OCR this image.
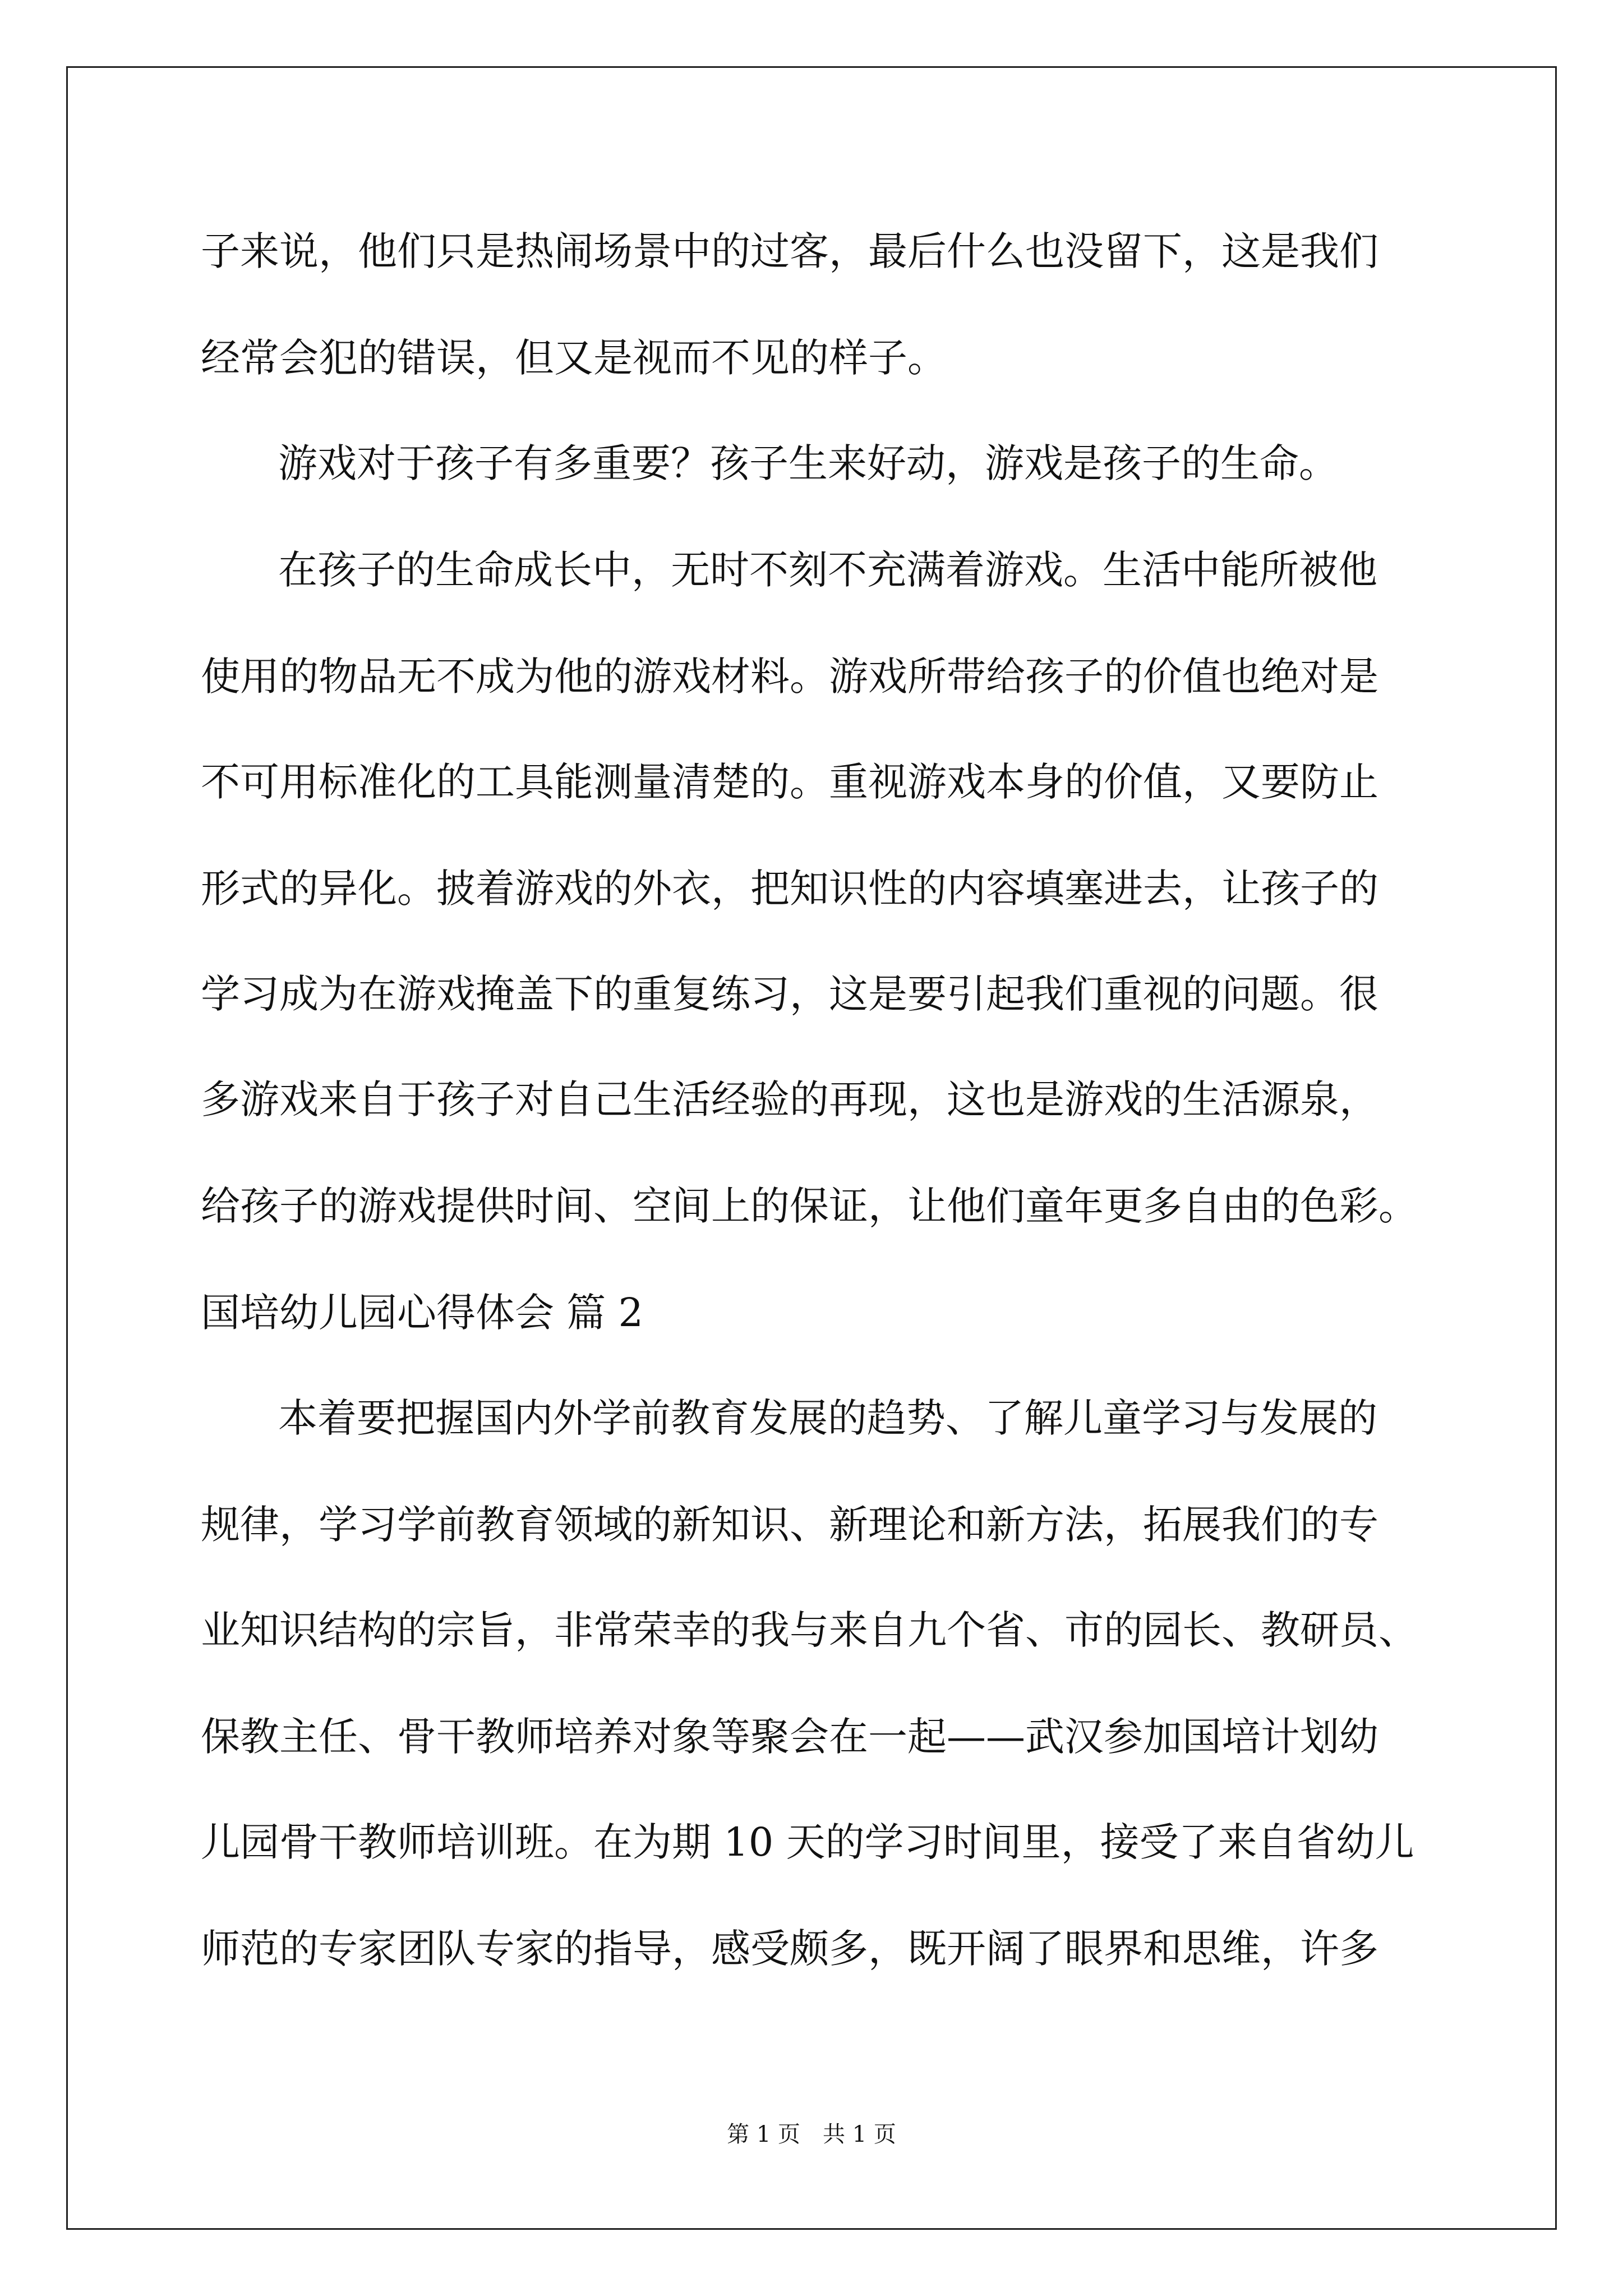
子来说，他们只是热闹场景中的过客，最后什么也没留下，这是我们
经常会犯的错误，但又是视而不见的样子。
游戏对于孩子有多重要？孩子生来好动，游戏是孩子的生命。
在孩子的生命成长中，无时不刻不充满着游戏。生活中能所被他
使用的物品无不成为他的游戏材料。游戏所带给孩子的价值也绝对是
不可用标准化的工具能测量清楚的。重视游戏本身的价值，又要防止
形式的异化。披着游戏的外衣，把知识性的内容填塞进去，让孩子的
学习成为在游戏掩盖下的重复练习，这是要引起我们重视的问题。很
多游戏来自于孩子对自己生活经验的再现，这也是游戏的生活源泉，
给孩子的游戏提供时间、空间上的保证，让他们童年更多自由的色彩。
国培幼儿园心得体会 篇 2
本着要把握国内外学前教育发展的趋势、了解儿童学习与发展的
规律，学习学前教育领域的新知识、新理论和新方法，拓展我们的专
业知识结构的宗旨，非常荣幸的我与来自九个省、市的园长、教研员、
保教主任、骨干教师培养对象等聚会在一起——武汉参加国培计划幼
儿园骨干教师培训班。在为期 10 天的学习时间里，接受了来自省幼儿
师范的专家团队专家的指导，感受颇多，既开阔了眼界和思维，许多
第 1 页 共 1 页
